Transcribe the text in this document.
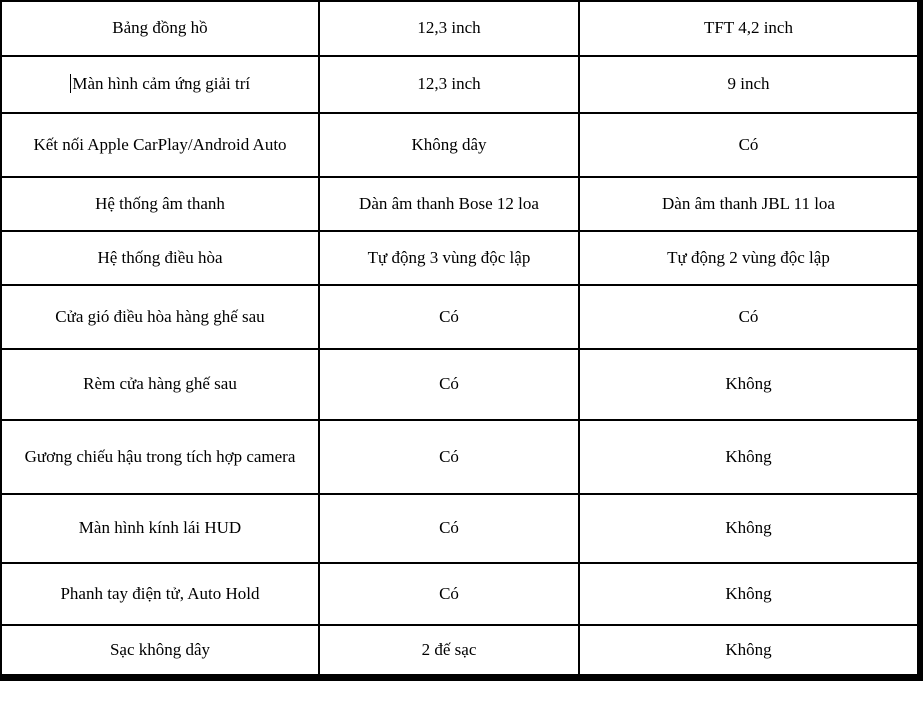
Bảng đồng hồ	12,3 inch	TFT 4,2 inch
Màn hình cảm ứng giải trí	12,3 inch	9 inch
Kết nối Apple CarPlay/Android Auto	Không dây	Có
Hệ thống âm thanh	Dàn âm thanh Bose 12 loa	Dàn âm thanh JBL 11 loa
Hệ thống điều hòa	Tự động 3 vùng độc lập	Tự động 2 vùng độc lập
Cửa gió điều hòa hàng ghế sau	Có	Có
Rèm cửa hàng ghế sau	Có	Không
Gương chiếu hậu trong tích hợp camera	Có	Không
Màn hình kính lái HUD	Có	Không
Phanh tay điện tử, Auto Hold	Có	Không
Sạc không dây	2 đế sạc	Không
